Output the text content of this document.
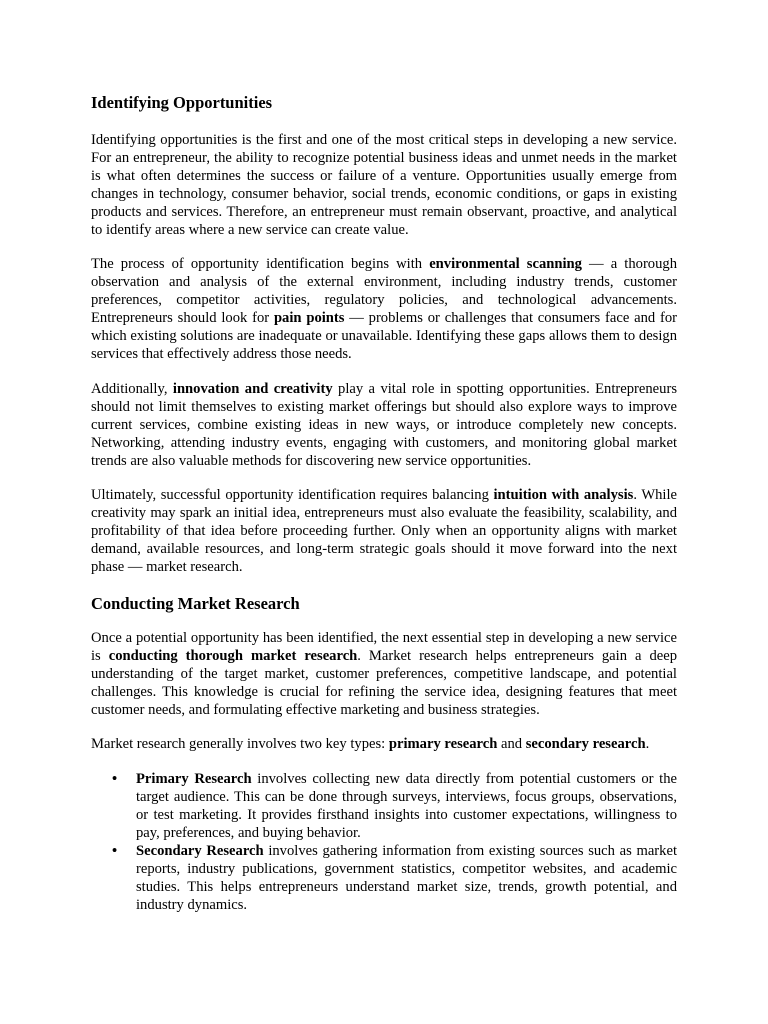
Identifying Opportunities

Identifying opportunities is the first and one of the most critical steps in developing a new service. For an entrepreneur, the ability to recognize potential business ideas and unmet needs in the market is what often determines the success or failure of a venture. Opportunities usually emerge from changes in technology, consumer behavior, social trends, economic conditions, or gaps in existing products and services. Therefore, an entrepreneur must remain observant, proactive, and analytical to identify areas where a new service can create value.

The process of opportunity identification begins with environmental scanning — a thorough observation and analysis of the external environment, including industry trends, customer preferences, competitor activities, regulatory policies, and technological advancements. Entrepreneurs should look for pain points — problems or challenges that consumers face and for which existing solutions are inadequate or unavailable. Identifying these gaps allows them to design services that effectively address those needs.

Additionally, innovation and creativity play a vital role in spotting opportunities. Entrepreneurs should not limit themselves to existing market offerings but should also explore ways to improve current services, combine existing ideas in new ways, or introduce completely new concepts. Networking, attending industry events, engaging with customers, and monitoring global market trends are also valuable methods for discovering new service opportunities.

Ultimately, successful opportunity identification requires balancing intuition with analysis. While creativity may spark an initial idea, entrepreneurs must also evaluate the feasibility, scalability, and profitability of that idea before proceeding further. Only when an opportunity aligns with market demand, available resources, and long-term strategic goals should it move forward into the next phase — market research.

Conducting Market Research

Once a potential opportunity has been identified, the next essential step in developing a new service is conducting thorough market research. Market research helps entrepreneurs gain a deep understanding of the target market, customer preferences, competitive landscape, and potential challenges. This knowledge is crucial for refining the service idea, designing features that meet customer needs, and formulating effective marketing and business strategies.

Market research generally involves two key types: primary research and secondary research.

• Primary Research involves collecting new data directly from potential customers or the target audience. This can be done through surveys, interviews, focus groups, observations, or test marketing. It provides firsthand insights into customer expectations, willingness to pay, preferences, and buying behavior.
• Secondary Research involves gathering information from existing sources such as market reports, industry publications, government statistics, competitor websites, and academic studies. This helps entrepreneurs understand market size, trends, growth potential, and industry dynamics.
